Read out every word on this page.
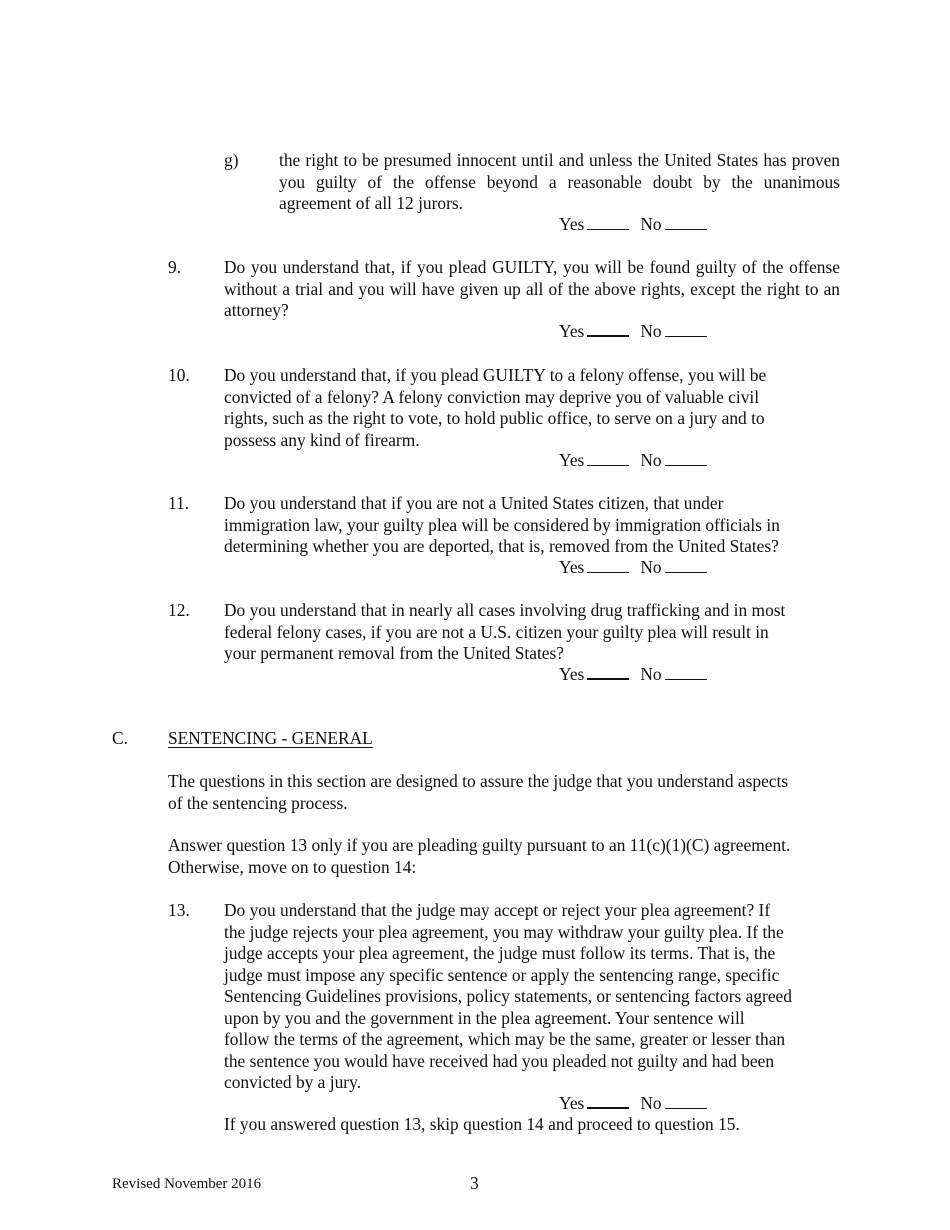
g) the right to be presumed innocent until and unless the United States has proven you guilty of the offense beyond a reasonable doubt by the unanimous agreement of all 12 jurors.
Yes	No
9. Do you understand that, if you plead GUILTY, you will be found guilty of the offense without a trial and you will have given up all of the above rights, except the right to an attorney?
Yes	No
10. Do you understand that, if you plead GUILTY to a felony offense, you will be
convicted of a felony? A felony conviction may deprive you of valuable civil
rights, such as the right to vote, to hold public office, to serve on a jury and to
possess any kind of firearm.
Yes	No
11. Do you understand that if you are not a United States citizen, that under
immigration law, your guilty plea will be considered by immigration officials in
determining whether you are deported, that is, removed from the United States?
Yes	No
12. Do you understand that in nearly all cases involving drug trafficking and in most
federal felony cases, if you are not a U.S. citizen your guilty plea will result in
your permanent removal from the United States?
Yes	No
C. SENTENCING - GENERAL
The questions in this section are designed to assure the judge that you understand aspects
of the sentencing process.
Answer question 13 only if you are pleading guilty pursuant to an 11(c)(1)(C) agreement.
Otherwise, move on to question 14:
13. Do you understand that the judge may accept or reject your plea agreement? If
the judge rejects your plea agreement, you may withdraw your guilty plea. If the
judge accepts your plea agreement, the judge must follow its terms. That is, the
judge must impose any specific sentence or apply the sentencing range, specific
Sentencing Guidelines provisions, policy statements, or sentencing factors agreed
upon by you and the government in the plea agreement. Your sentence will
follow the terms of the agreement, which may be the same, greater or lesser than
the sentence you would have received had you pleaded not guilty and had been
convicted by a jury.
Yes	No
If you answered question 13, skip question 14 and proceed to question 15.
Revised November 2016	3
